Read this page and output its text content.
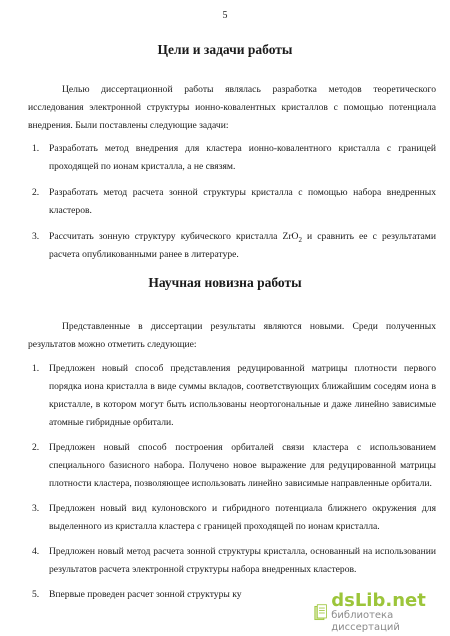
5
Цели и задачи работы

Целью диссертационной работы являлась разработка методов теоретического исследования электронной структуры ионно-ковалентных кристаллов с помощью потенциала внедрения. Были поставлены следующие задачи:

1. Разработать метод внедрения для кластера ионно-ковалентного кристалла с границей проходящей по ионам кристалла, а не связям.
2. Разработать метод расчета зонной структуры кристалла с помощью набора внедренных кластеров.
3. Рассчитать зонную структуру кубического кристалла ZrO$_2$ и сравнить ее с результатами расчета опубликованными ранее в литературе.
Научная новизна работы

Представленные в диссертации результаты являются новыми. Среди полученных результатов можно отметить следующие:

1. Предложен новый способ представления редуцированной матрицы плотности первого порядка иона кристалла в виде суммы вкладов, соответствующих ближайшим соседям иона в кристалле, в котором могут быть использованы неортогональные и даже линейно зависимые атомные гибридные орбитали.
2. Предложен новый способ построения орбиталей связи кластера с использованием специального базисного набора. Получено новое выражение для редуцированной матрицы плотности кластера, позволяющее использовать линейно зависимые направленные орбитали.
3. Предложен новый вид кулоновского и гибридного потенциала ближнего окружения для выделенного из кристалла кластера с границей проходящей по ионам кристалла.
4. Предложен новый метод расчета зонной структуры кристалла, основанный на использовании результатов расчета электронной структуры набора внедренных кластеров.
5. Впервые проведен расчет зонной структуры ку	dsLib.net
библиотека диссертаций
